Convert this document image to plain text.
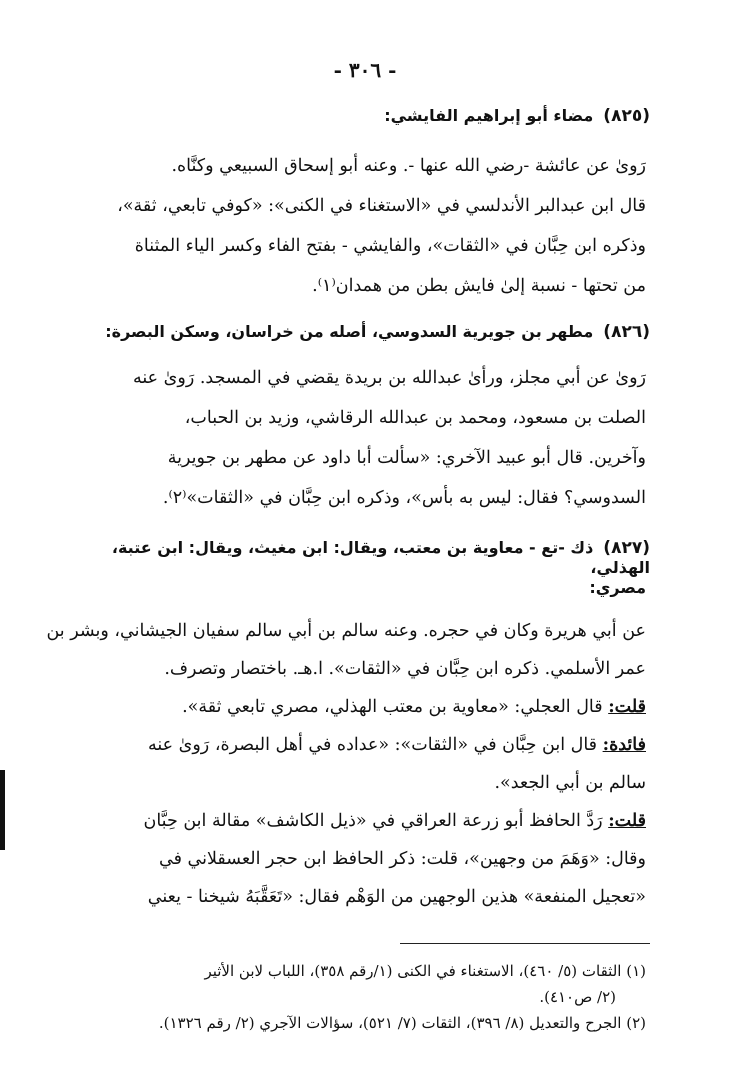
- ٣٠٦ -
(٨٢٥)مضاء أبو إبراهيم الفايشي:
رَوىٰ عن عائشة -رضي الله عنها -. وعنه أبو إسحاق السبيعي وكنَّاه.
قال ابن عبدالبر الأندلسي في «الاستغناء في الكنى»: «كوفي تابعي، ثقة»،
وذكره ابن حِبَّان في «الثقات»، والفايشي - بفتح الفاء وكسر الياء المثناة
من تحتها - نسبة إلىٰ فايش بطن من همدان⁽١⁾.
(٨٢٦)مطهر بن جويرية السدوسي، أصله من خراسان، وسكن البصرة:
رَوىٰ عن أبي مجلز، ورأىٰ عبدالله بن بريدة يقضي في المسجد. رَوىٰ عنه
الصلت بن مسعود، ومحمد بن عبدالله الرقاشي، وزيد بن الحباب،
وآخرين. قال أبو عبيد الآخري: «سألت أبا داود عن مطهر بن جويرية
السدوسي؟ فقال: ليس به بأس»، وذكره ابن حِبَّان في «الثقات»⁽٢⁾.
(٨٢٧)ذك -تع - معاوية بن معتب، ويقال: ابن مغيث، ويقال: ابن عتبة، الهذلي،
مصري:
عن أبي هريرة وكان في حجره. وعنه سالم بن أبي سالم سفيان الجيشاني، وبشر بن
عمر الأسلمي. ذكره ابن حِبَّان في «الثقات». ا.هـ. باختصار وتصرف.
قلت: قال العجلي: «معاوية بن معتب الهذلي، مصري تابعي ثقة».
فائدة: قال ابن حِبَّان في «الثقات»: «عداده في أهل البصرة، رَوىٰ عنه
سالم بن أبي الجعد».
قلت: رَدَّ الحافظ أبو زرعة العراقي في «ذيل الكاشف» مقالة ابن حِبَّان
وقال: «وَهَمَ من وجهين»، قلت: ذكر الحافظ ابن حجر العسقلاني في
«تعجيل المنفعة» هذين الوجهين من الوَهْم فقال: «تَعَقَّبَهُ شيخنا - يعني
(١) الثقات (٥/ ٤٦٠)، الاستغناء في الكنى (١/رقم ٣٥٨)، اللباب لابن الأثير
(٢/ ص٤١٠).
(٢) الجرح والتعديل (٨/ ٣٩٦)، الثقات (٧/ ٥٢١)، سؤالات الآجري (٢/ رقم ١٣٢٦).
